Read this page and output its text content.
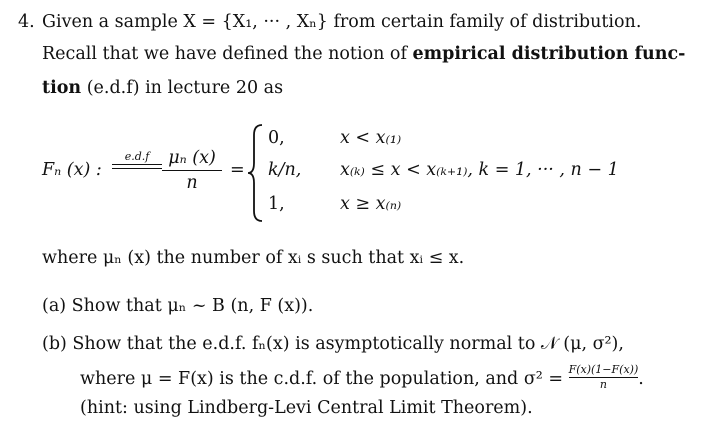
4. Given a sample X = {X₁, ··· , Xₙ} from certain family of distribution.
Recall that we have defined the notion of empirical distribution func-
tion (e.d.f) in lecture 20 as
Fₙ (x) :
e.d.f	μₙ (x)
n
=
0,	x < x₍₁₎
k/n, x₍ₖ₎ ≤ x < x₍ₖ₊₁₎, k = 1, ··· , n − 1
1,	x ≥ x₍ₙ₎
where μₙ (x) the number of xᵢ s such that xᵢ ≤ x.
(a) Show that μₙ ~ B (n, F (x)).
(b) Show that the e.d.f. fₙ(x) is asymptotically normal to 𝒩 (μ, σ²),
where μ = F(x) is the c.d.f. of the population, and $\sigma^2 = \frac{F(x)(1-F(x))}{n}$ .
(hint: using Lindberg-Levi Central Limit Theorem).
